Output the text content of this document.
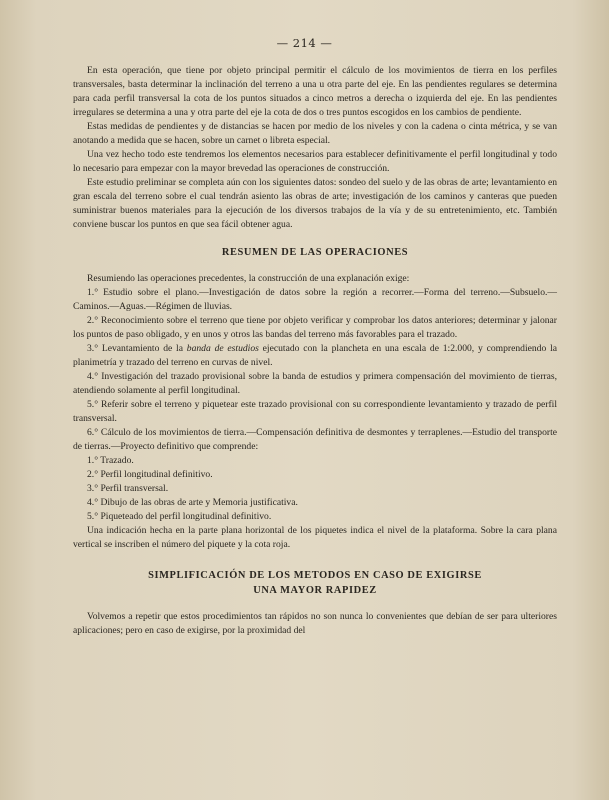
— 214 —

En esta operación, que tiene por objeto principal permitir el cálculo de los movimientos de tierra en los perfiles transversales, basta determinar la inclinación del terreno a una u otra parte del eje. En las pendientes regulares se determina para cada perfil transversal la cota de los puntos situados a cinco metros a derecha o izquierda del eje. En las pendientes irregulares se determina a una y otra parte del eje la cota de dos o tres puntos escogidos en los cambios de pendiente.

Estas medidas de pendientes y de distancias se hacen por medio de los niveles y con la cadena o cinta métrica, y se van anotando a medida que se hacen, sobre un carnet o libreta especial.

Una vez hecho todo este tendremos los elementos necesarios para establecer definitivamente el perfil longitudinal y todo lo necesario para empezar con la mayor brevedad las operaciones de construcción.

Este estudio preliminar se completa aún con los siguientes datos: sondeo del suelo y de las obras de arte; levantamiento en gran escala del terreno sobre el cual tendrán asiento las obras de arte; investigación de los caminos y canteras que pueden suministrar buenos materiales para la ejecución de los diversos trabajos de la vía y de su entretenimiento, etc. También conviene buscar los puntos en que sea fácil obtener agua.

RESUMEN DE LAS OPERACIONES

Resumiendo las operaciones precedentes, la construcción de una explanación exige:

1.° Estudio sobre el plano.—Investigación de datos sobre la región a recorrer.—Forma del terreno.—Subsuelo.—Caminos.—Aguas.—Régimen de lluvias.

2.° Reconocimiento sobre el terreno que tiene por objeto verificar y comprobar los datos anteriores; determinar y jalonar los puntos de paso obligado, y en unos y otros las bandas del terreno más favorables para el trazado.

3.° Levantamiento de la banda de estudios ejecutado con la plancheta en una escala de 1:2.000, y comprendiendo la planimetría y trazado del terreno en curvas de nivel.

4.° Investigación del trazado provisional sobre la banda de estudios y primera compensación del movimiento de tierras, atendiendo solamente al perfil longitudinal.

5.° Referir sobre el terreno y piquetear este trazado provisional con su correspondiente levantamiento y trazado de perfil transversal.

6.° Cálculo de los movimientos de tierra.—Compensación definitiva de desmontes y terraplenes.—Estudio del transporte de tierras.—Proyecto definitivo que comprende:

1.° Trazado.

2.° Perfil longitudinal definitivo.

3.° Perfil transversal.

4.° Dibujo de las obras de arte y Memoria justificativa.

5.° Piqueteado del perfil longitudinal definitivo.

Una indicación hecha en la parte plana horizontal de los piquetes indica el nivel de la plataforma. Sobre la cara plana vertical se inscriben el número del piquete y la cota roja.

SIMPLIFICACIÓN DE LOS METODOS EN CASO DE EXIGIRSE
UNA MAYOR RAPIDEZ

Volvemos a repetir que estos procedimientos tan rápidos no son nunca lo convenientes que debían de ser para ulteriores aplicaciones; pero en caso de exigirse, por la proximidad del
